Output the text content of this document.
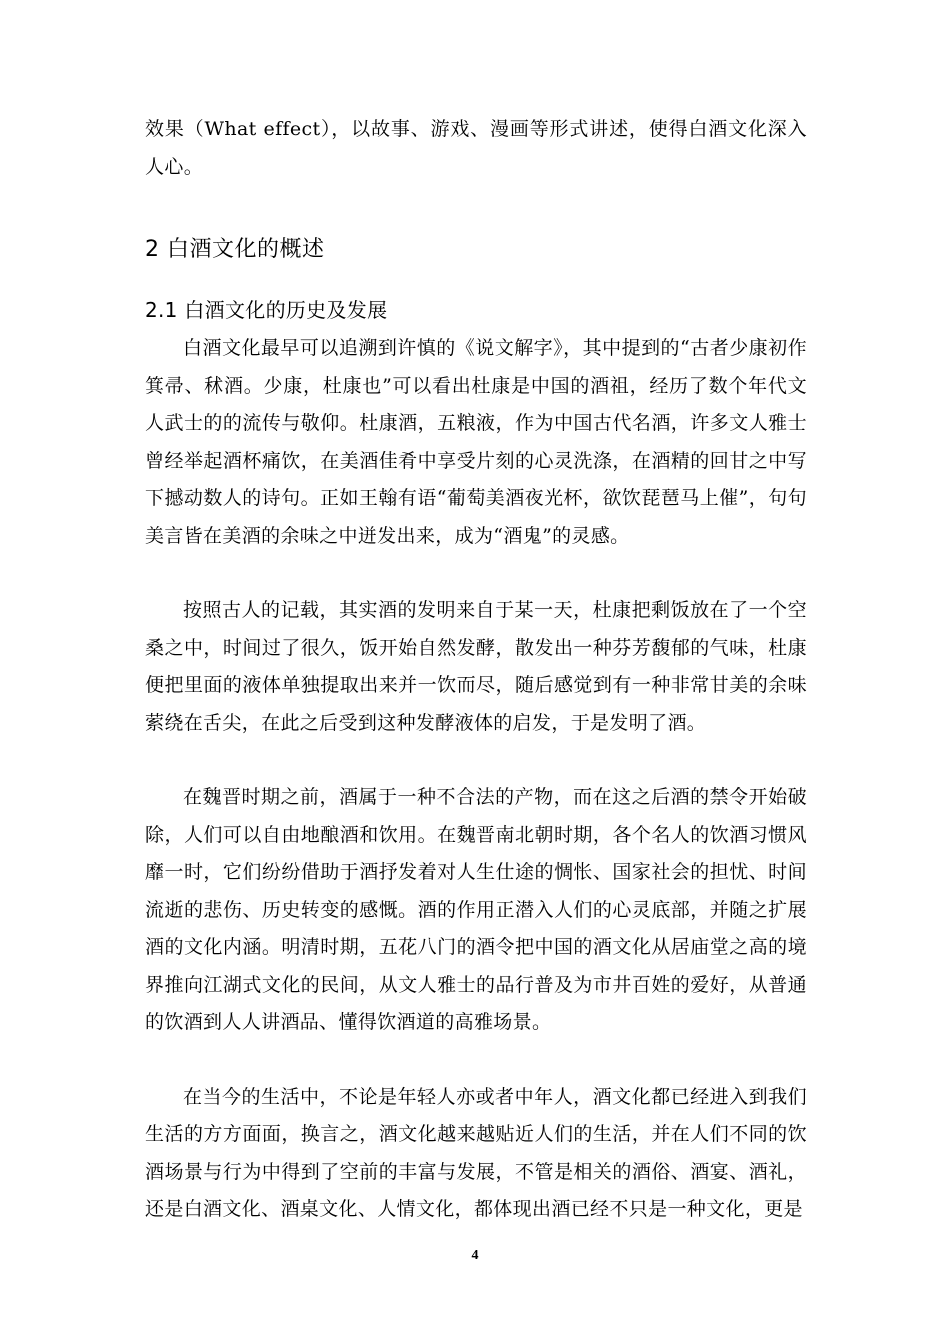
效果（What effect），以故事、游戏、漫画等形式讲述，使得白酒文化深入人心。

2 白酒文化的概述
2.1 白酒文化的历史及发展

白酒文化最早可以追溯到许慎的《说文解字》，其中提到的“古者少康初作箕帚、秫酒。少康，杜康也”可以看出杜康是中国的酒祖，经历了数个年代文人武士的的流传与敬仰。杜康酒，五粮液，作为中国古代名酒，许多文人雅士曾经举起酒杯痛饮，在美酒佳肴中享受片刻的心灵洗涤，在酒精的回甘之中写下撼动数人的诗句。正如王翰有语“葡萄美酒夜光杯，欲饮琵琶马上催”，句句美言皆在美酒的余味之中迸发出来，成为“酒鬼”的灵感。

按照古人的记载，其实酒的发明来自于某一天，杜康把剩饭放在了一个空桑之中，时间过了很久，饭开始自然发酵，散发出一种芬芳馥郁的气味，杜康便把里面的液体单独提取出来并一饮而尽，随后感觉到有一种非常甘美的余味萦绕在舌尖，在此之后受到这种发酵液体的启发，于是发明了酒。

在魏晋时期之前，酒属于一种不合法的产物，而在这之后酒的禁令开始破除，人们可以自由地酿酒和饮用。在魏晋南北朝时期，各个名人的饮酒习惯风靡一时，它们纷纷借助于酒抒发着对人生仕途的惆怅、国家社会的担忧、时间流逝的悲伤、历史转变的感慨。酒的作用正潜入人们的心灵底部，并随之扩展酒的文化内涵。明清时期，五花八门的酒令把中国的酒文化从居庙堂之高的境界推向江湖式文化的民间，从文人雅士的品行普及为市井百姓的爱好，从普通的饮酒到人人讲酒品、懂得饮酒道的高雅场景。

在当今的生活中，不论是年轻人亦或者中年人，酒文化都已经进入到我们生活的方方面面，换言之，酒文化越来越贴近人们的生活，并在人们不同的饮酒场景与行为中得到了空前的丰富与发展，不管是相关的酒俗、酒宴、酒礼，还是白酒文化、酒桌文化、人情文化，都体现出酒已经不只是一种文化，更是

4
